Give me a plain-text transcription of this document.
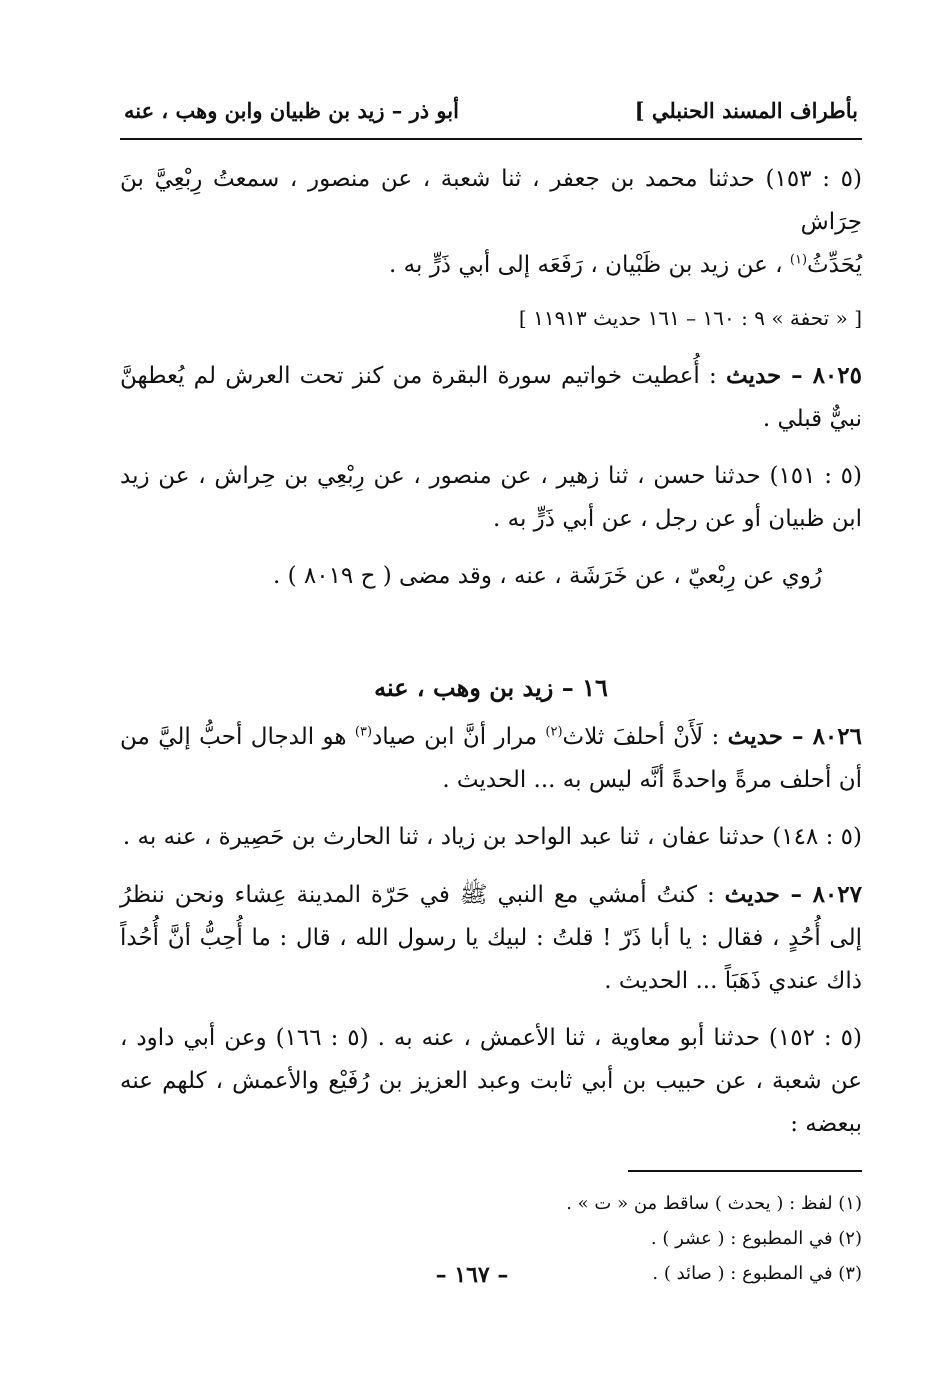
بأطراف المسند الحنبلي ]
أبو ذر – زيد بن ظبيان وابن وهب ، عنه

(٥ : ١٥٣) حدثنا محمد بن جعفر ، ثنا شعبة ، عن منصور ، سمعتُ رِبْعِيَّ بنَ حِرَاش
يُحَدِّثُ$^{(١)}$ ، عن زيد بن ظَبْيان ، رَفَعَه إلى أبي ذَرٍّ به .

[ « تحفة » ٩ : ١٦٠ – ١٦١ حديث ١١٩١٣ ]

٨٠٢٥ – حديث : أُعطيت خواتيم سورة البقرة من كنز تحت العرش لم يُعطهنَّ نبيٌّ قبلي .

(٥ : ١٥١) حدثنا حسن ، ثنا زهير ، عن منصور ، عن رِبْعِي بن حِراش ، عن زيد ابن ظبيان أو عن رجل ، عن أبي ذَرٍّ به .

رُوي عن رِبْعيّ ، عن خَرَشَة ، عنه ، وقد مضى ( ح ٨٠١٩ ) .

١٦ – زيد بن وهب ، عنه

٨٠٢٦ – حديث : لَأَنْ أحلفَ ثلاث$^{(٢)}$ مرار أنَّ ابن صياد$^{(٣)}$ هو الدجال أحبُّ إليَّ من أن أحلف مرةً واحدةً أنَّه ليس به ... الحديث .

(٥ : ١٤٨) حدثنا عفان ، ثنا عبد الواحد بن زياد ، ثنا الحارث بن حَصِيرة ، عنه به .

٨٠٢٧ – حديث : كنتُ أمشي مع النبي ﷺ في حَرّة المدينة عِشاء ونحن ننظرُ إلى أُحُدٍ ، فقال : يا أبا ذَرّ ! قلتُ : لبيك يا رسول الله ، قال : ما أُحِبُّ أنَّ أُحُداً ذاك عندي ذَهَبَاً ... الحديث .

(٥ : ١٥٢) حدثنا أبو معاوية ، ثنا الأعمش ، عنه به . (٥ : ١٦٦) وعن أبي داود ، عن شعبة ، عن حبيب بن أبي ثابت وعبد العزيز بن رُفَيْع والأعمش ، كلهم عنه ببعضه :

(١) لفظ : ( يحدث ) ساقط من « ت » .

(٢) في المطبوع : ( عشر ) .

(٣) في المطبوع : ( صائد ) .

– ١٦٧ –
